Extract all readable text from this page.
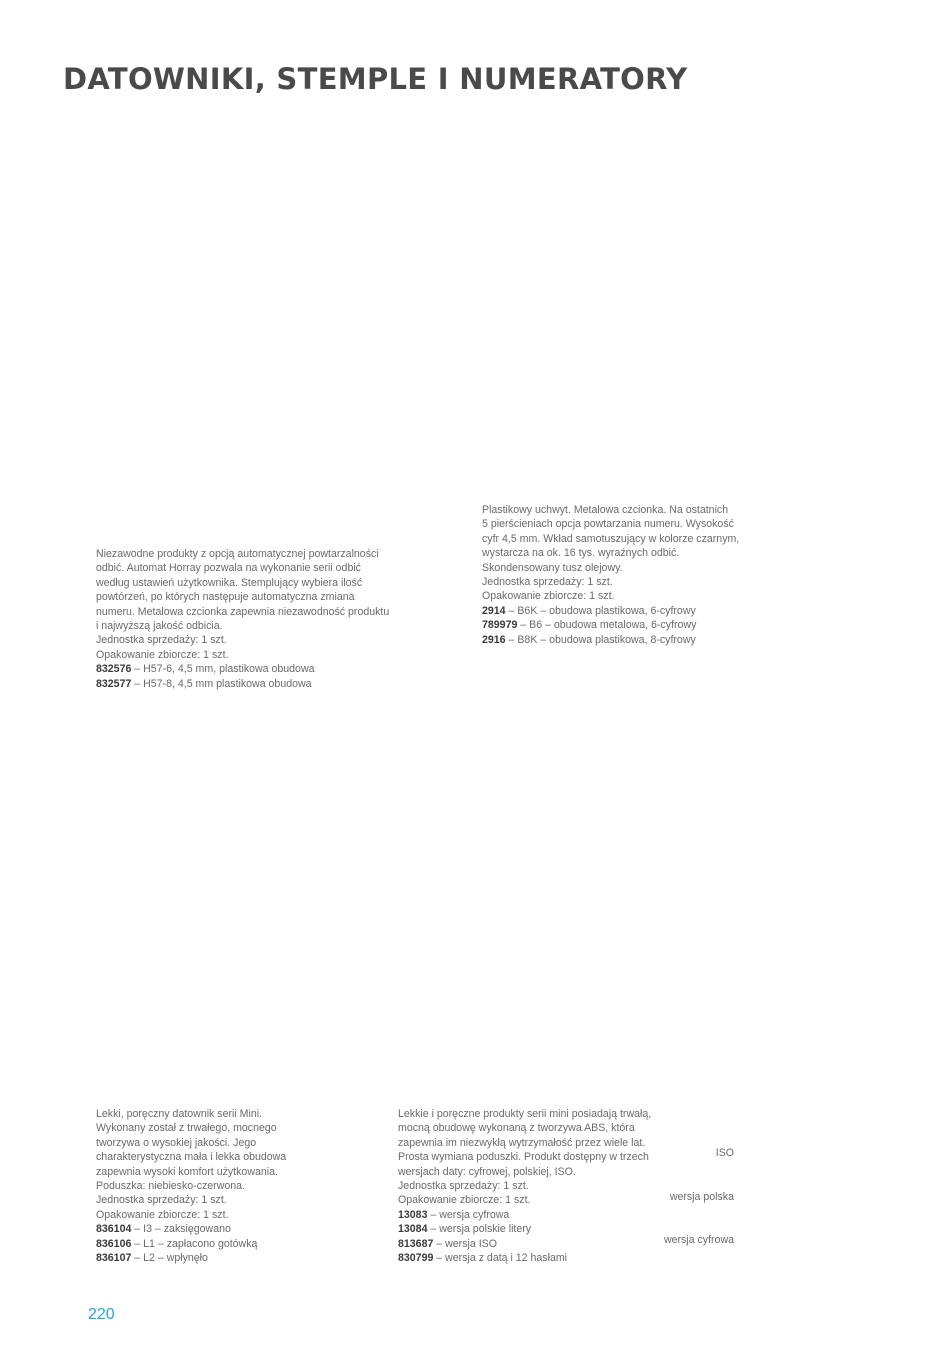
DATOWNIKI, STEMPLE I NUMERATORY
Niezawodne produkty z opcją automatycznej powtarzalności
odbić. Automat Horray pozwala na wykonanie serii odbić
według ustawień użytkownika. Stemplujący wybiera ilość
powtórzeń, po których następuje automatyczna zmiana
numeru. Metalowa czcionka zapewnia niezawodność produktu
i najwyższą jakość odbicia.
Jednostka sprzedaży: 1 szt.
Opakowanie zbiorcze: 1 szt.
832576 – H57-6, 4,5 mm, plastikowa obudowa
832577 – H57-8, 4,5 mm plastikowa obudowa
Plastikowy uchwyt. Metalowa czcionka. Na ostatnich
5 pierścieniach opcja powtarzania numeru. Wysokość
cyfr 4,5 mm. Wkład samotuszujący w kolorze czarnym,
wystarcza na ok. 16 tys. wyraźnych odbić.
Skondensowany tusz olejowy.
Jednostka sprzedaży: 1 szt.
Opakowanie zbiorcze: 1 szt.
2914 – B6K – obudowa plastikowa, 6-cyfrowy
789979 – B6 – obudowa metalowa, 6-cyfrowy
2916 – B8K – obudowa plastikowa, 8-cyfrowy
Lekki, poręczny datownik serii Mini.
Wykonany został z trwałego, mocnego
tworzywa o wysokiej jakości. Jego
charakterystyczna mała i lekka obudowa
zapewnia wysoki komfort użytkowania.
Poduszka: niebiesko-czerwona.
Jednostka sprzedaży: 1 szt.
Opakowanie zbiorcze: 1 szt.
836104 – I3 – zaksięgowano
836106 – L1 – zapłacono gotówką
836107 – L2 – wpłynęło
Lekkie i poręczne produkty serii mini posiadają trwałą,
mocną obudowę wykonaną z tworzywa ABS, która
zapewnia im niezwykłą wytrzymałość przez wiele lat.
Prosta wymiana poduszki. Produkt dostępny w trzech
wersjach daty: cyfrowej, polskiej, ISO.
Jednostka sprzedaży: 1 szt.
Opakowanie zbiorcze: 1 szt.
13083 – wersja cyfrowa
13084 – wersja polskie litery
813687 – wersja ISO
830799 – wersja z datą i 12 hasłami
ISO
wersja polska
wersja cyfrowa
220
